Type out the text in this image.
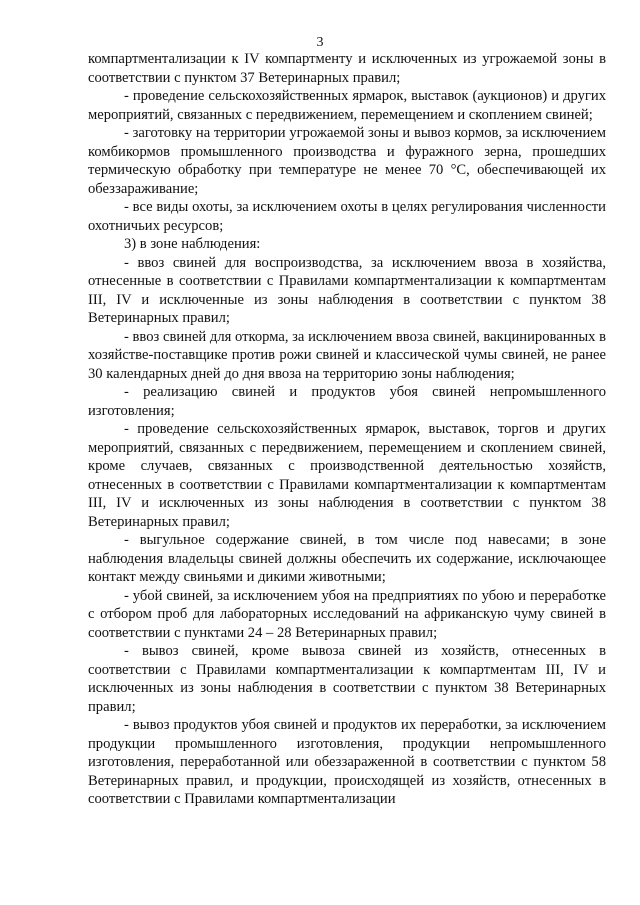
3

компартментализации к IV компартменту и исключенных из угрожаемой зоны в соответствии с пунктом 37 Ветеринарных правил;

- проведение сельскохозяйственных ярмарок, выставок (аукционов) и других мероприятий, связанных с передвижением, перемещением и скоплением свиней;

- заготовку на территории угрожаемой зоны и вывоз кормов, за исключением комбикормов промышленного производства и фуражного зерна, прошедших термическую обработку при температуре не менее 70 °С, обеспечивающей их обеззараживание;

- все виды охоты, за исключением охоты в целях регулирования численности охотничьих ресурсов;

3) в зоне наблюдения:

- ввоз свиней для воспроизводства, за исключением ввоза в хозяйства, отнесенные в соответствии с Правилами компартментализации к компартментам III, IV и исключенные из зоны наблюдения в соответствии с пунктом 38 Ветеринарных правил;

- ввоз свиней для откорма, за исключением ввоза свиней, вакцинированных в хозяйстве-поставщике против рожи свиней и классической чумы свиней, не ранее 30 календарных дней до дня ввоза на территорию зоны наблюдения;

- реализацию свиней и продуктов убоя свиней непромышленного изготовления;

- проведение сельскохозяйственных ярмарок, выставок, торгов и других мероприятий, связанных с передвижением, перемещением и скоплением свиней, кроме случаев, связанных с производственной деятельностью хозяйств, отнесенных в соответствии с Правилами компартментализации к компартментам III, IV и исключенных из зоны наблюдения в соответствии с пунктом 38 Ветеринарных правил;

- выгульное содержание свиней, в том числе под навесами; в зоне наблюдения владельцы свиней должны обеспечить их содержание, исключающее контакт между свиньями и дикими животными;

- убой свиней, за исключением убоя на предприятиях по убою и переработке с отбором проб для лабораторных исследований на африканскую чуму свиней в соответствии с пунктами 24 – 28 Ветеринарных правил;

- вывоз свиней, кроме вывоза свиней из хозяйств, отнесенных в соответствии с Правилами компартментализации к компартментам III, IV и исключенных из зоны наблюдения в соответствии с пунктом 38 Ветеринарных правил;

- вывоз продуктов убоя свиней и продуктов их переработки, за исключением продукции промышленного изготовления, продукции непромышленного изготовления, переработанной или обеззараженной в соответствии с пунктом 58 Ветеринарных правил, и продукции, происходящей из хозяйств, отнесенных в соответствии с Правилами компартментализации
